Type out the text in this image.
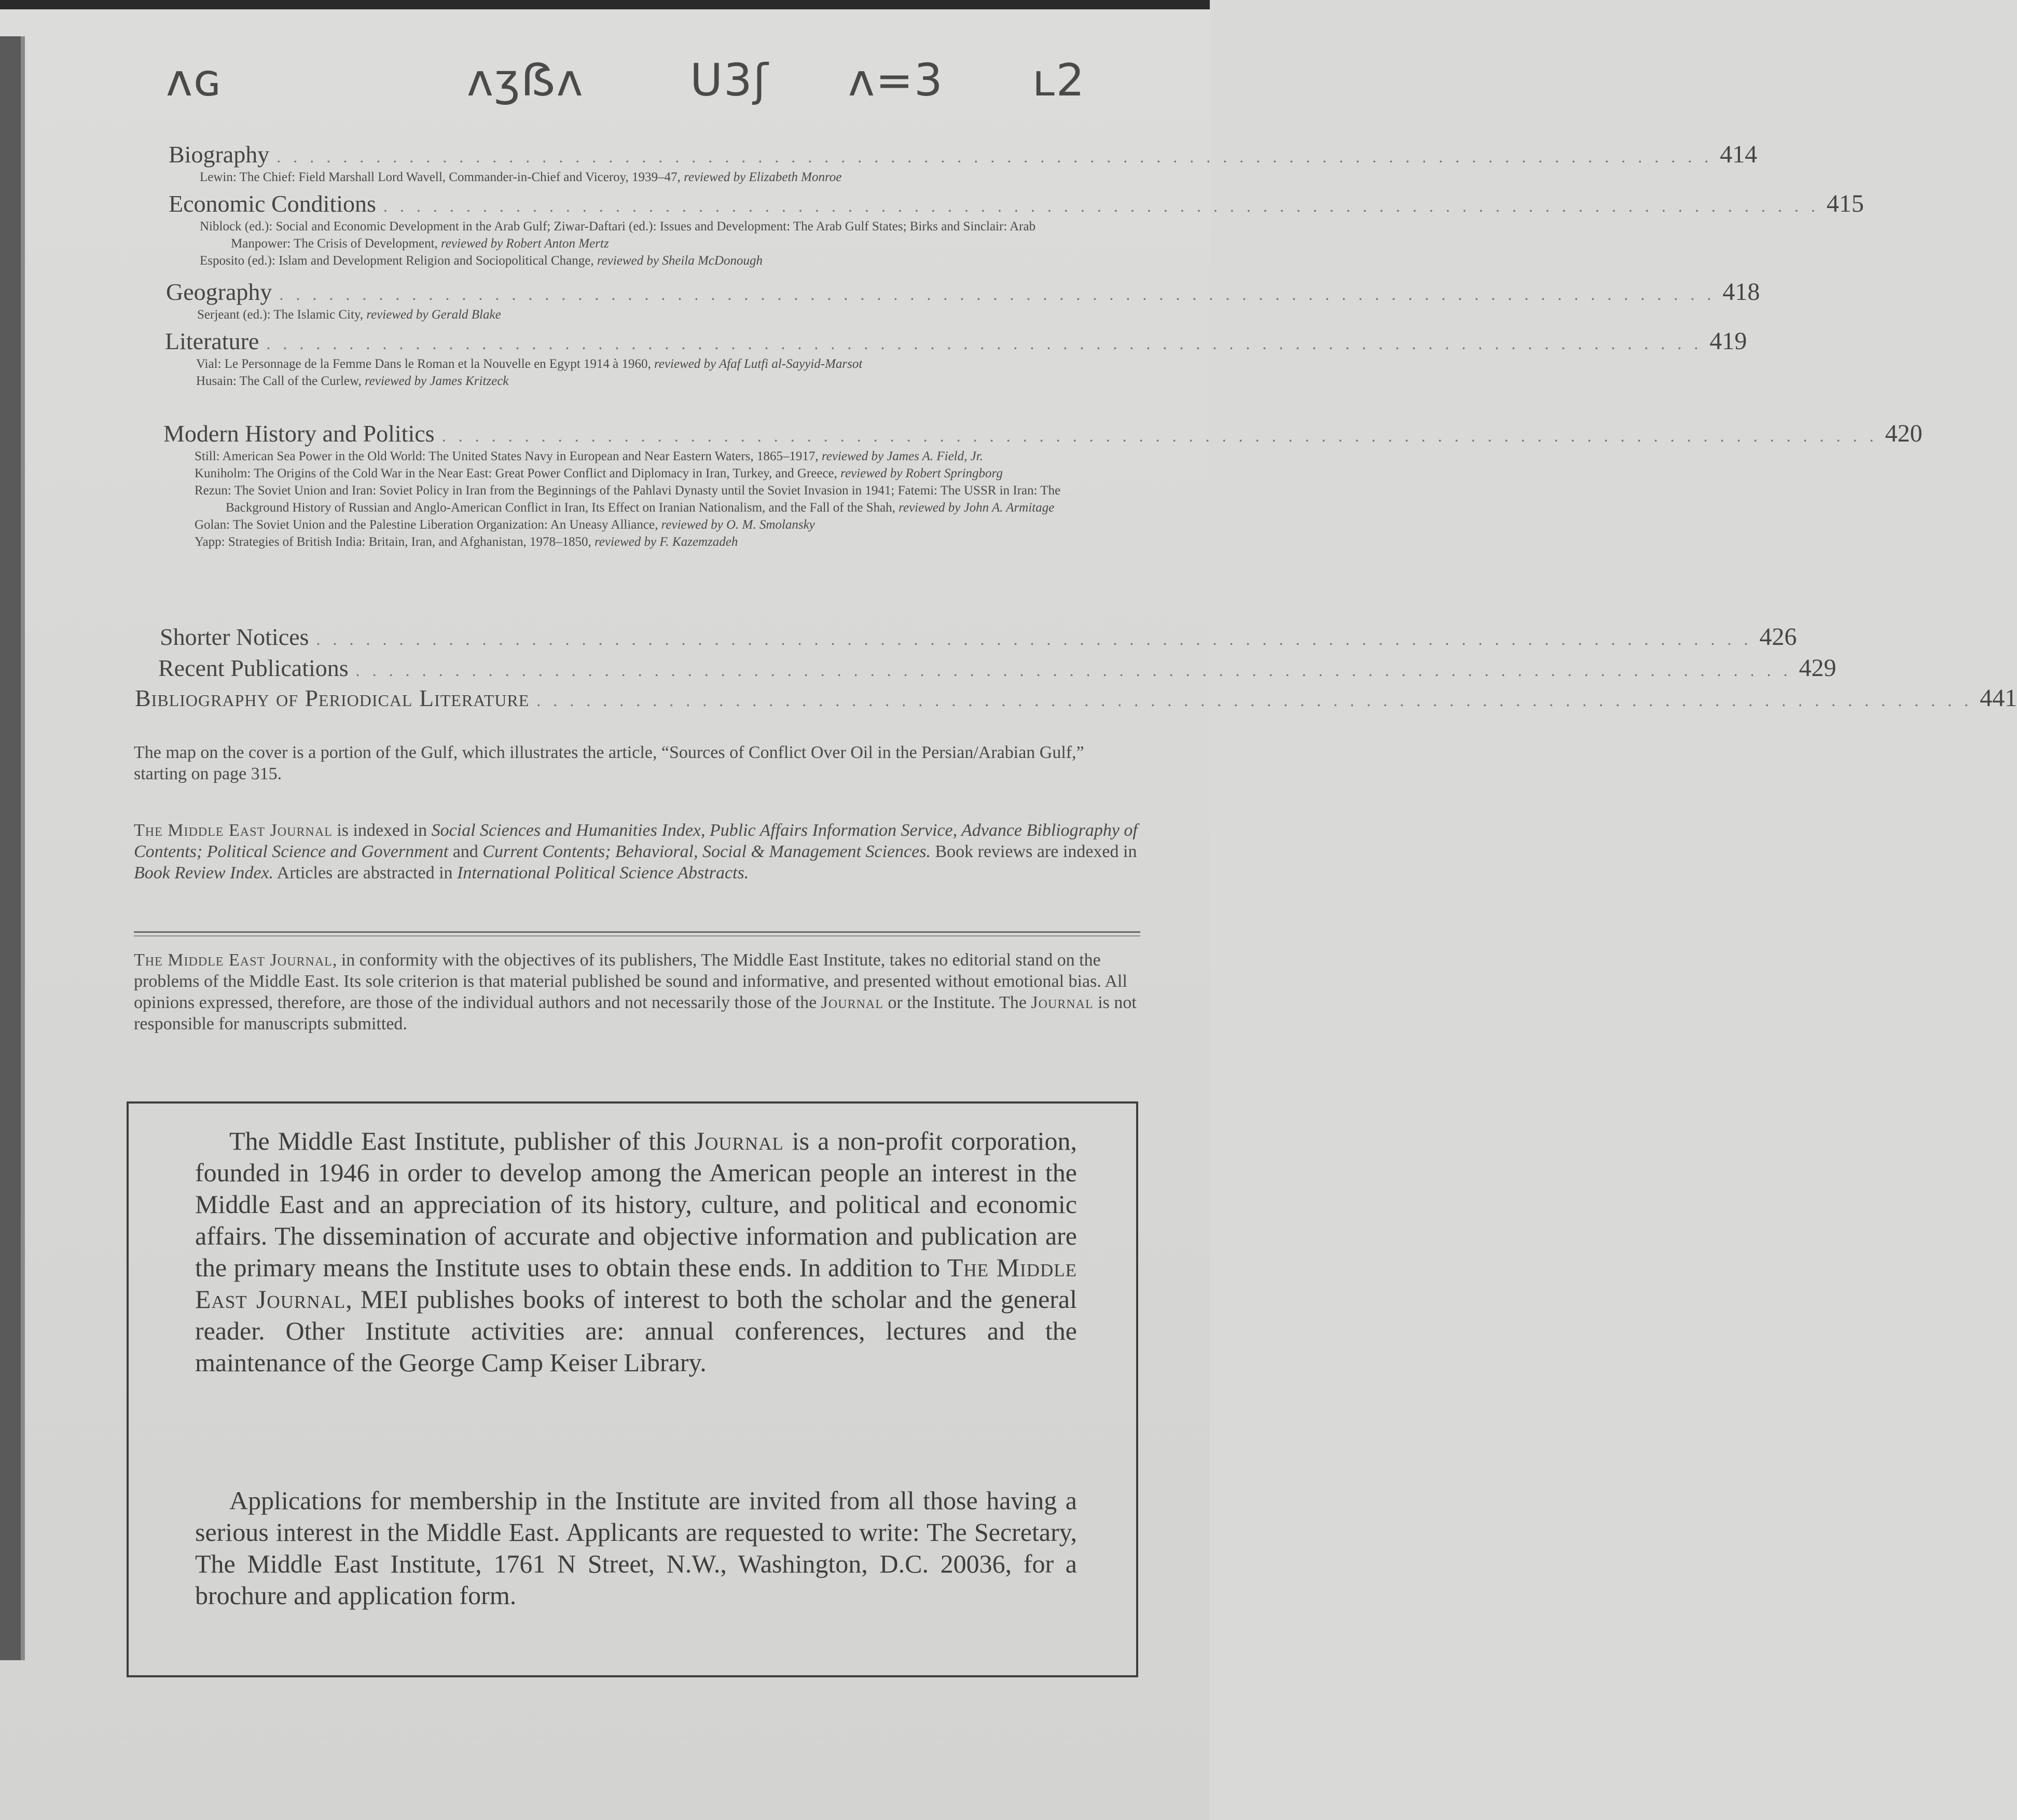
ʌɢ	ʌʒẞʌ U3ʃ ʌ=3 ʟ2
Biography . . . . . . . . . . . . . . . . . . . . . . . . . . . . . . . . . . . . . . . . . . . . . . . . . . . . . . . . . . . . . . . . . . . . . . . . . . . . . . . . . . . . . . . 414
Lewin: The Chief: Field Marshall Lord Wavell, Commander-in-Chief and Viceroy, 1939–47, reviewed by Elizabeth Monroe
Economic Conditions . . . . . . . . . . . . . . . . . . . . . . . . . . . . . . . . . . . . . . . . . . . . . . . . . . . . . . . . . . . . . . . . . . . . . . . . . . . . . . . . . . . . . . . 415
Niblock (ed.): Social and Economic Development in the Arab Gulf; Ziwar-Daftari (ed.): Issues and Development: The Arab Gulf States; Birks and Sinclair: Arab Manpower: The Crisis of Development, reviewed by Robert Anton Mertz
Esposito (ed.): Islam and Development Religion and Sociopolitical Change, reviewed by Sheila McDonough
Geography . . . . . . . . . . . . . . . . . . . . . . . . . . . . . . . . . . . . . . . . . . . . . . . . . . . . . . . . . . . . . . . . . . . . . . . . . . . . . . . . . . . . . . . 418
Serjeant (ed.): The Islamic City, reviewed by Gerald Blake
Literature . . . . . . . . . . . . . . . . . . . . . . . . . . . . . . . . . . . . . . . . . . . . . . . . . . . . . . . . . . . . . . . . . . . . . . . . . . . . . . . . . . . . . . . 419
Vial: Le Personnage de la Femme Dans le Roman et la Nouvelle en Egypt 1914 à 1960, reviewed by Afaf Lutfi al-Sayyid-Marsot
Husain: The Call of the Curlew, reviewed by James Kritzeck
Modern History and Politics . . . . . . . . . . . . . . . . . . . . . . . . . . . . . . . . . . . . . . . . . . . . . . . . . . . . . . . . . . . . . . . . . . . . . . . . . . . . . . . . . . . . . . . 420
Still: American Sea Power in the Old World: The United States Navy in European and Near Eastern Waters, 1865–1917, reviewed by James A. Field, Jr.
Kuniholm: The Origins of the Cold War in the Near East: Great Power Conflict and Diplomacy in Iran, Turkey, and Greece, reviewed by Robert Springborg
Rezun: The Soviet Union and Iran: Soviet Policy in Iran from the Beginnings of the Pahlavi Dynasty until the Soviet Invasion in 1941; Fatemi: The USSR in Iran: The Background History of Russian and Anglo-American Conflict in Iran, Its Effect on Iranian Nationalism, and the Fall of the Shah, reviewed by John A. Armitage
Golan: The Soviet Union and the Palestine Liberation Organization: An Uneasy Alliance, reviewed by O. M. Smolansky
Yapp: Strategies of British India: Britain, Iran, and Afghanistan, 1978–1850, reviewed by F. Kazemzadeh
Shorter Notices . . . . . . . . . . . . . . . . . . . . . . . . . . . . . . . . . . . . . . . . . . . . . . . . . . . . . . . . . . . . . . . . . . . . . . . . . . . . . . . . . . . . . . . 426
Recent Publications . . . . . . . . . . . . . . . . . . . . . . . . . . . . . . . . . . . . . . . . . . . . . . . . . . . . . . . . . . . . . . . . . . . . . . . . . . . . . . . . . . . . . . . 429
Bibliography of Periodical Literature . . . . . . . . . . . . . . . . . . . . . . . . . . . . . . . . . . . . . . . . . . . . . . . . . . . . . . . . . . . . . . . . . . . . . . . . . . . . . . . . . . . . . . . 441
The map on the cover is a portion of the Gulf, which illustrates the article, “Sources of Conflict Over Oil in the Persian/Arabian Gulf,” starting on page 315.
The Middle East Journal is indexed in Social Sciences and Humanities Index, Public Affairs Information Service, Advance Bibliography of Contents; Political Science and Government and Current Contents; Behavioral, Social & Management Sciences. Book reviews are indexed in Book Review Index. Articles are abstracted in International Political Science Abstracts.
The Middle East Journal, in conformity with the objectives of its publishers, The Middle East Institute, takes no editorial stand on the problems of the Middle East. Its sole criterion is that material published be sound and informative, and presented without emotional bias. All opinions expressed, therefore, are those of the individual authors and not necessarily those of the Journal or the Institute. The Journal is not responsible for manuscripts submitted.

The Middle East Institute, publisher of this Journal is a non-profit corporation, founded in 1946 in order to develop among the American people an interest in the Middle East and an appreciation of its history, culture, and political and economic affairs. The dissemination of accurate and objective information and publication are the primary means the Institute uses to obtain these ends. In addition to The Middle East Journal, MEI publishes books of interest to both the scholar and the general reader. Other Institute activities are: annual conferences, lectures and the maintenance of the George Camp Keiser Library.

Applications for membership in the Institute are invited from all those having a serious interest in the Middle East. Applicants are requested to write: The Secretary, The Middle East Institute, 1761 N Street, N.W., Washington, D.C. 20036, for a brochure and application form.
